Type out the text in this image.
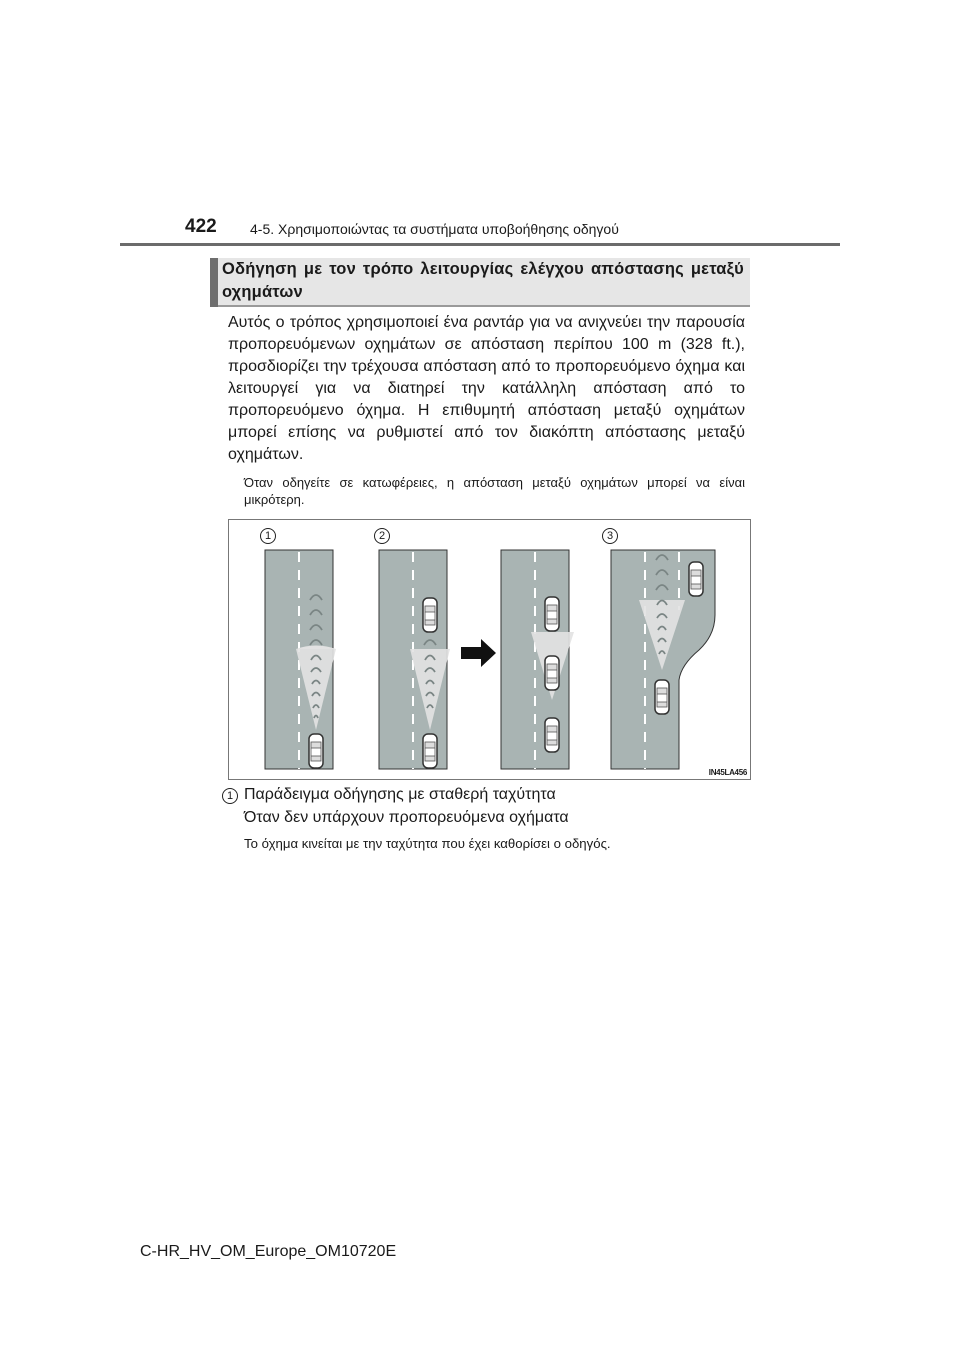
422 4-5. Χρησιμοποιώντας τα συστήματα υποβοήθησης οδηγού
Οδήγηση με τον τρόπο λειτουργίας ελέγχου απόστασης μεταξύ οχημάτων
Αυτός ο τρόπος χρησιμοποιεί ένα ραντάρ για να ανιχνεύει την παρουσία προπορευόμενων οχημάτων σε απόσταση περίπου 100 m (328 ft.), προσδιορίζει την τρέχουσα απόσταση από το προπορευόμενο όχημα και λειτουργεί για να διατηρεί την κατάλληλη απόσταση από το προπορευόμενο όχημα. Η επιθυμητή απόσταση μεταξύ οχημάτων μπορεί επίσης να ρυθμιστεί από τον διακόπτη απόστασης μεταξύ οχημάτων.
Όταν οδηγείτε σε κατωφέρειες, η απόσταση μεταξύ οχημάτων μπορεί να είναι μικρότερη.
1	2	3
IN45LA456
1 Παράδειγμα οδήγησης με σταθερή ταχύτητα
Όταν δεν υπάρχουν προπορευόμενα οχήματα
Το όχημα κινείται με την ταχύτητα που έχει καθορίσει ο οδηγός.
C-HR_HV_OM_Europe_OM10720E
